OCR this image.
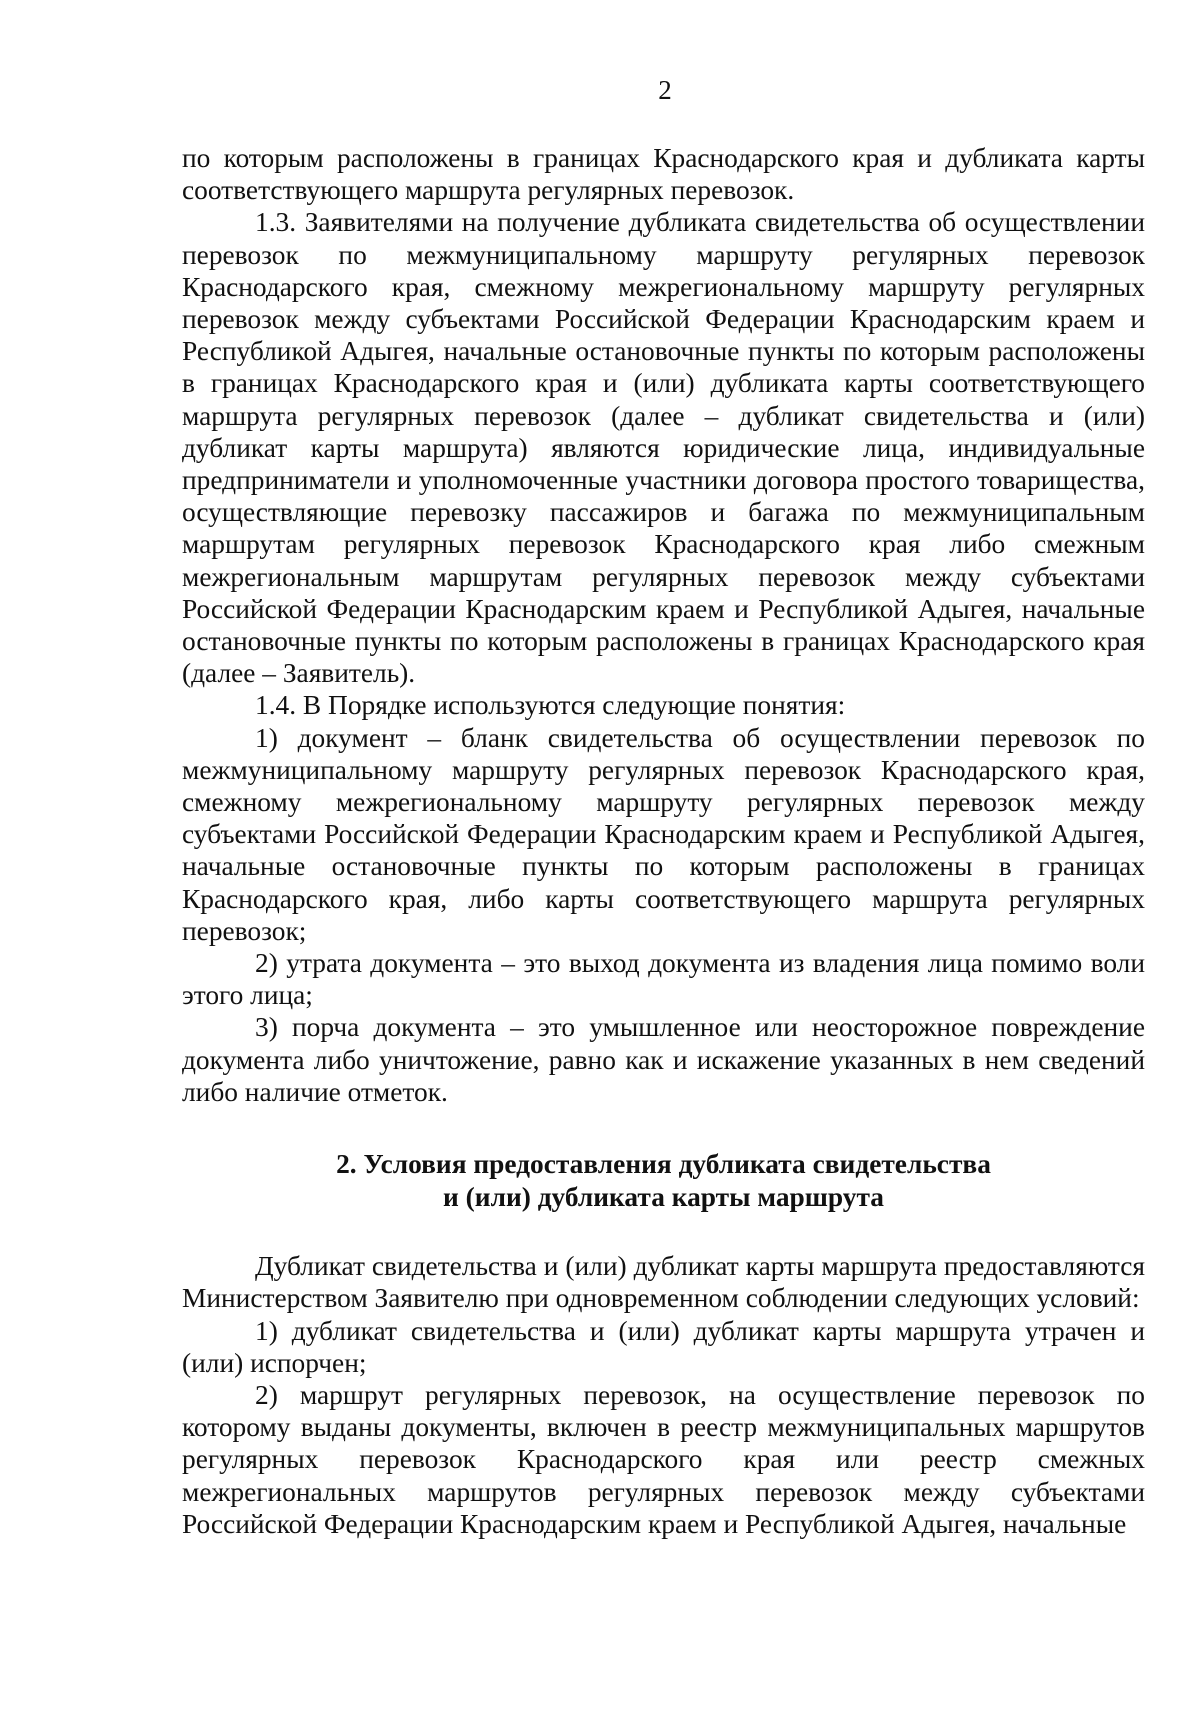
2

по которым расположены в границах Краснодарского края и дубликата карты соответствующего маршрута регулярных перевозок.

1.3. Заявителями на получение дубликата свидетельства об осуществлении перевозок по межмуниципальному маршруту регулярных перевозок Краснодарского края, смежному межрегиональному маршруту регулярных перевозок между субъектами Российской Федерации Краснодарским краем и Республикой Адыгея, начальные остановочные пункты по которым расположены в границах Краснодарского края и (или) дубликата карты соответствующего маршрута регулярных перевозок (далее – дубликат свидетельства и (или) дубликат карты маршрута) являются юридические лица, индивидуальные предприниматели и уполномоченные участники договора простого товарищества, осуществляющие перевозку пассажиров и багажа по межмуниципальным маршрутам регулярных перевозок Краснодарского края либо смежным межрегиональным маршрутам регулярных перевозок между субъектами Российской Федерации Краснодарским краем и Республикой Адыгея, начальные остановочные пункты по которым расположены в границах Краснодарского края (далее – Заявитель).

1.4. В Порядке используются следующие понятия:

1) документ – бланк свидетельства об осуществлении перевозок по межмуниципальному маршруту регулярных перевозок Краснодарского края, смежному межрегиональному маршруту регулярных перевозок между субъектами Российской Федерации Краснодарским краем и Республикой Адыгея, начальные остановочные пункты по которым расположены в границах Краснодарского края, либо карты соответствующего маршрута регулярных перевозок;

2) утрата документа – это выход документа из владения лица помимо воли этого лица;

3) порча документа – это умышленное или неосторожное повреждение документа либо уничтожение, равно как и искажение указанных в нем сведений либо наличие отметок.

2. Условия предоставления дубликата свидетельства
и (или) дубликата карты маршрута

Дубликат свидетельства и (или) дубликат карты маршрута предоставляются Министерством Заявителю при одновременном соблюдении следующих условий:

1) дубликат свидетельства и (или) дубликат карты маршрута утрачен и (или) испорчен;

2) маршрут регулярных перевозок, на осуществление перевозок по которому выданы документы, включен в реестр межмуниципальных маршрутов регулярных перевозок Краснодарского края или реестр смежных межрегиональных маршрутов регулярных перевозок между субъектами Российской Федерации Краснодарским краем и Республикой Адыгея, начальные
